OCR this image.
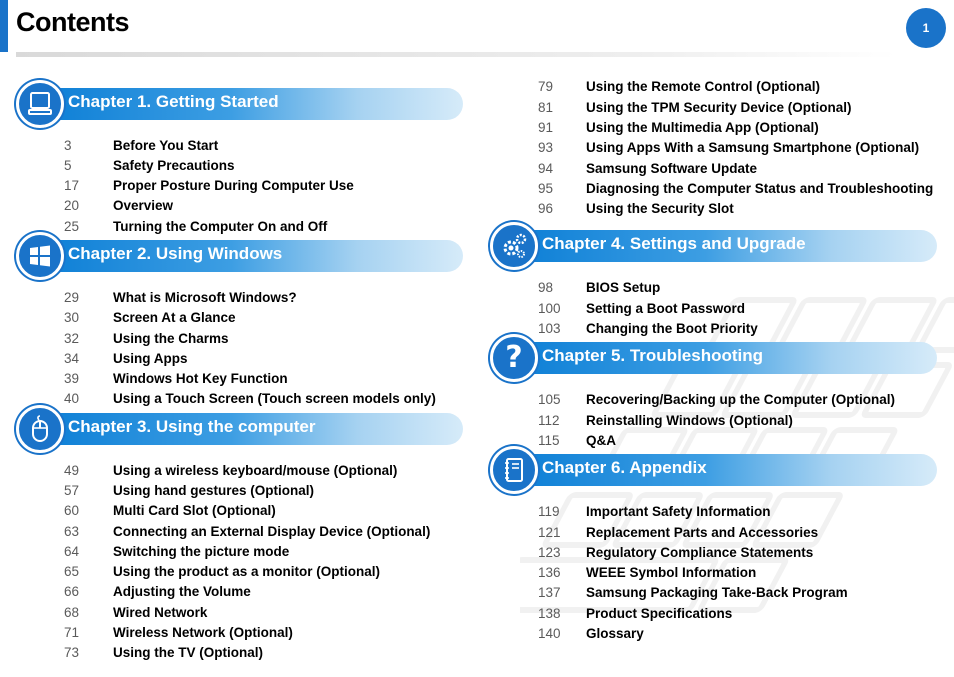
Contents	1
Chapter 1. Getting Started
3	Before You Start
5	Safety Precautions
17	Proper Posture During Computer Use
20	Overview
25	Turning the Computer On and Off
Chapter 2. Using Windows
29	What is Microsoft Windows?
30	Screen At a Glance
32	Using the Charms
34	Using Apps
39	Windows Hot Key Function
40	Using a Touch Screen (Touch screen models only)
Chapter 3. Using the computer
49	Using a wireless keyboard/mouse (Optional)
57	Using hand gestures (Optional)
60	Multi Card Slot (Optional)
63	Connecting an External Display Device (Optional)
64	Switching the picture mode
65	Using the product as a monitor (Optional)
66	Adjusting the Volume
68	Wired Network
71	Wireless Network (Optional)
73	Using the TV (Optional)
79	Using the Remote Control (Optional)
81	Using the TPM Security Device (Optional)
91	Using the Multimedia App (Optional)
93	Using Apps With a Samsung Smartphone (Optional)
94	Samsung Software Update
95	Diagnosing the Computer Status and Troubleshooting
96	Using the Security Slot
Chapter 4. Settings and Upgrade
98	BIOS Setup
100	Setting a Boot Password
103	Changing the Boot Priority
? Chapter 5. Troubleshooting
105	Recovering/Backing up the Computer (Optional)
112	Reinstalling Windows (Optional)
115	Q&A
Chapter 6. Appendix
119	Important Safety Information
121	Replacement Parts and Accessories
123	Regulatory Compliance Statements
136	WEEE Symbol Information
137	Samsung Packaging Take-Back Program
138	Product Specifications
140	Glossary
